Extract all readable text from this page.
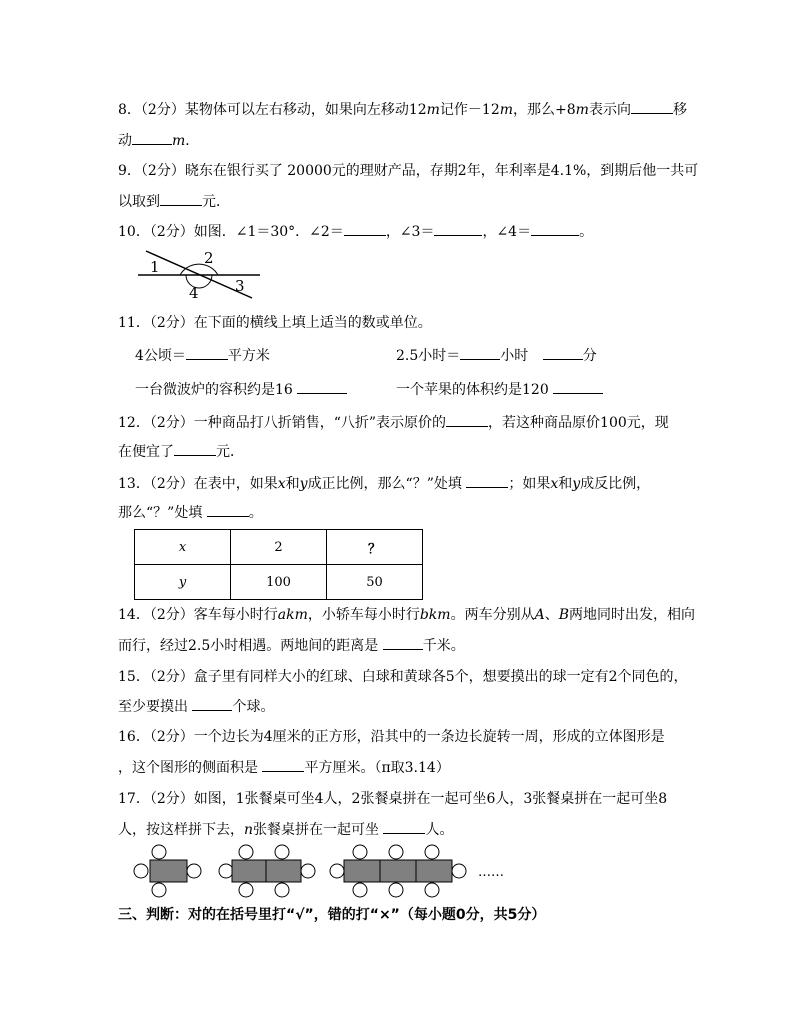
8．（2分）某物体可以左右移动，如果向左移动12m记作－12m，那么+8m表示向	移
动	m．
9．（2分）晓东在银行买了 20000元的理财产品，存期2年，年利率是4.1%，到期后他一共可
以取到	元．
10．（2分）如图．∠1＝30°．∠2＝	，∠3＝	，∠4＝	。
1	2
3
4
11．（2分）在下面的横线上填上适当的数或单位。
4公顷＝	平方米	2.5小时＝	小时	分
一台微波炉的容积约是16	一个苹果的体积约是120
12．（2分）一种商品打八折销售，“八折”表示原价的	，若这种商品原价100元，现
在便宜了	元．
13．（2分）在表中，如果x和y成正比例，那么“？”处填	；如果x和y成反比例，
那么“？”处填	。
x	2	？
y	100	50
14．（2分）客车每小时行akm，小轿车每小时行bkm。两车分别从A、B两地同时出发，相向
而行，经过2.5小时相遇。两地间的距离是	千米。
15．（2分）盒子里有同样大小的红球、白球和黄球各5个，想要摸出的球一定有2个同色的，
至少要摸出	个球。
16．（2分）一个边长为4厘米的正方形，沿其中的一条边长旋转一周，形成的立体图形是
，这个图形的侧面积是	平方厘米。（π取3.14）
17．（2分）如图，1张餐桌可坐4人，2张餐桌拼在一起可坐6人，3张餐桌拼在一起可坐8
人，按这样拼下去，n张餐桌拼在一起可坐	人。
……
三、判断：对的在括号里打“√”，错的打“×”（每小题0分，共5分）
